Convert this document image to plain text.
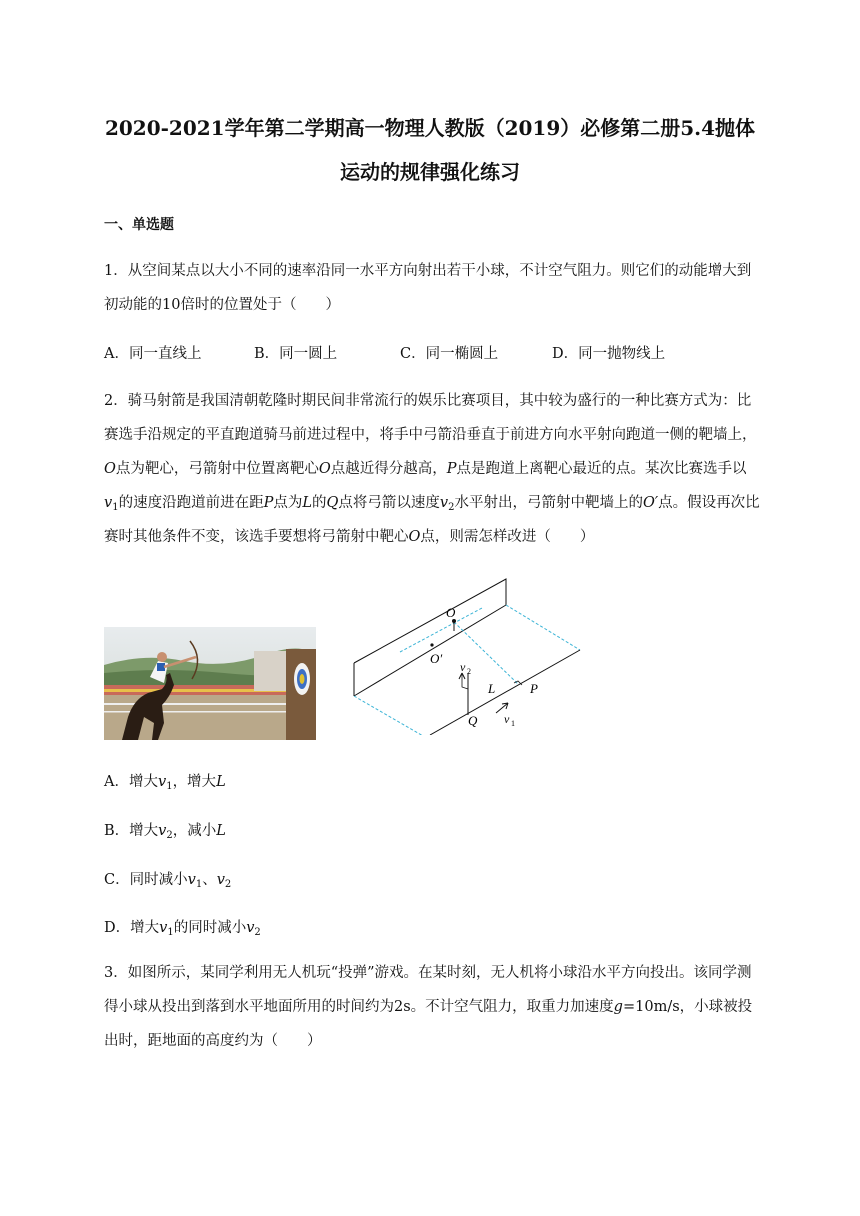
2020-2021学年第二学期高一物理人教版（2019）必修第二册5.4抛体
运动的规律强化练习
一、单选题
1．从空间某点以大小不同的速率沿同一水平方向射出若干小球，不计空气阻力。则它们的动能增大到初动能的10倍时的位置处于（　　）
A．同一直线上	B．同一圆上	C．同一椭圆上	D．同一抛物线上
2．骑马射箭是我国清朝乾隆时期民间非常流行的娱乐比赛项目，其中较为盛行的一种比赛方式为：比赛选手沿规定的平直跑道骑马前进过程中，将手中弓箭沿垂直于前进方向水平射向跑道一侧的靶墙上，O点为靶心，弓箭射中位置离靶心O点越近得分越高，P点是跑道上离靶心最近的点。某次比赛选手以$v_1$的速度沿跑道前进在距P点为L的Q点将弓箭以速度$v_2$水平射出，弓箭射中靶墙上的O′点。假设再次比赛时其他条件不变，该选手要想将弓箭射中靶心O点，则需怎样改进（　　）
O
O′
v 2
L	P
Q v 1
A．增大$v_1$，增大L
B．增大$v_2$，减小L
C．同时减小$v_1$、$v_2$
D．增大$v_1$的同时减小$v_2$
3．如图所示，某同学利用无人机玩“投弹”游戏。在某时刻，无人机将小球沿水平方向投出。该同学测得小球从投出到落到水平地面所用的时间约为2s。不计空气阻力，取重力加速度g=10m/s，小球被投出时，距地面的高度约为（　　）
